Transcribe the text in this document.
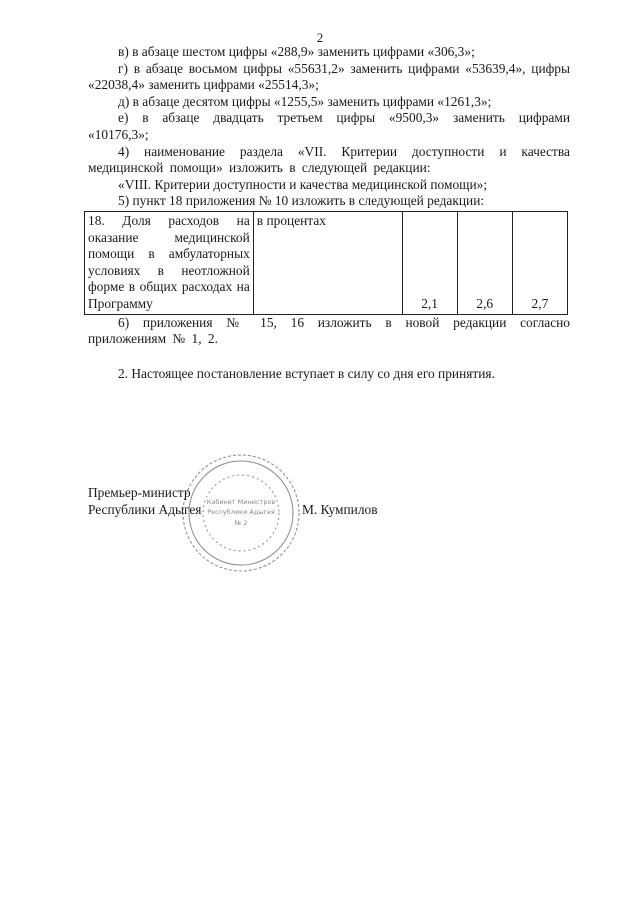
2

в) в абзаце шестом цифры «288,9» заменить цифрами «306,3»;

г) в абзаце восьмом цифры «55631,2» заменить цифрами «53639,4», цифры «22038,4» заменить цифрами «25514,3»;

д) в абзаце десятом цифры «1255,5» заменить цифрами «1261,3»;

е) в абзаце двадцать третьем цифры «9500,3» заменить цифрами «10176,3»;

4) наименование раздела «VII. Критерии доступности и качества медицинской помощи» изложить в следующей редакции:

«VIII. Критерии доступности и качества медицинской помощи»;

5) пункт 18 приложения № 10 изложить в следующей редакции:

18. Доля расходов на оказание медицинской помощи в амбулаторных условиях в неотложной форме в общих расходах на Программу	в процентах	2,1	2,6	2,7

6) приложения № 15, 16 изложить в новой редакции согласно приложениям № 1, 2.

2. Настоящее постановление вступает в силу со дня его принятия.

Кабинет Министров
Республики Адыгея
№ 2
Премьер-министр
Республики Адыгея	М. Кумпилов
